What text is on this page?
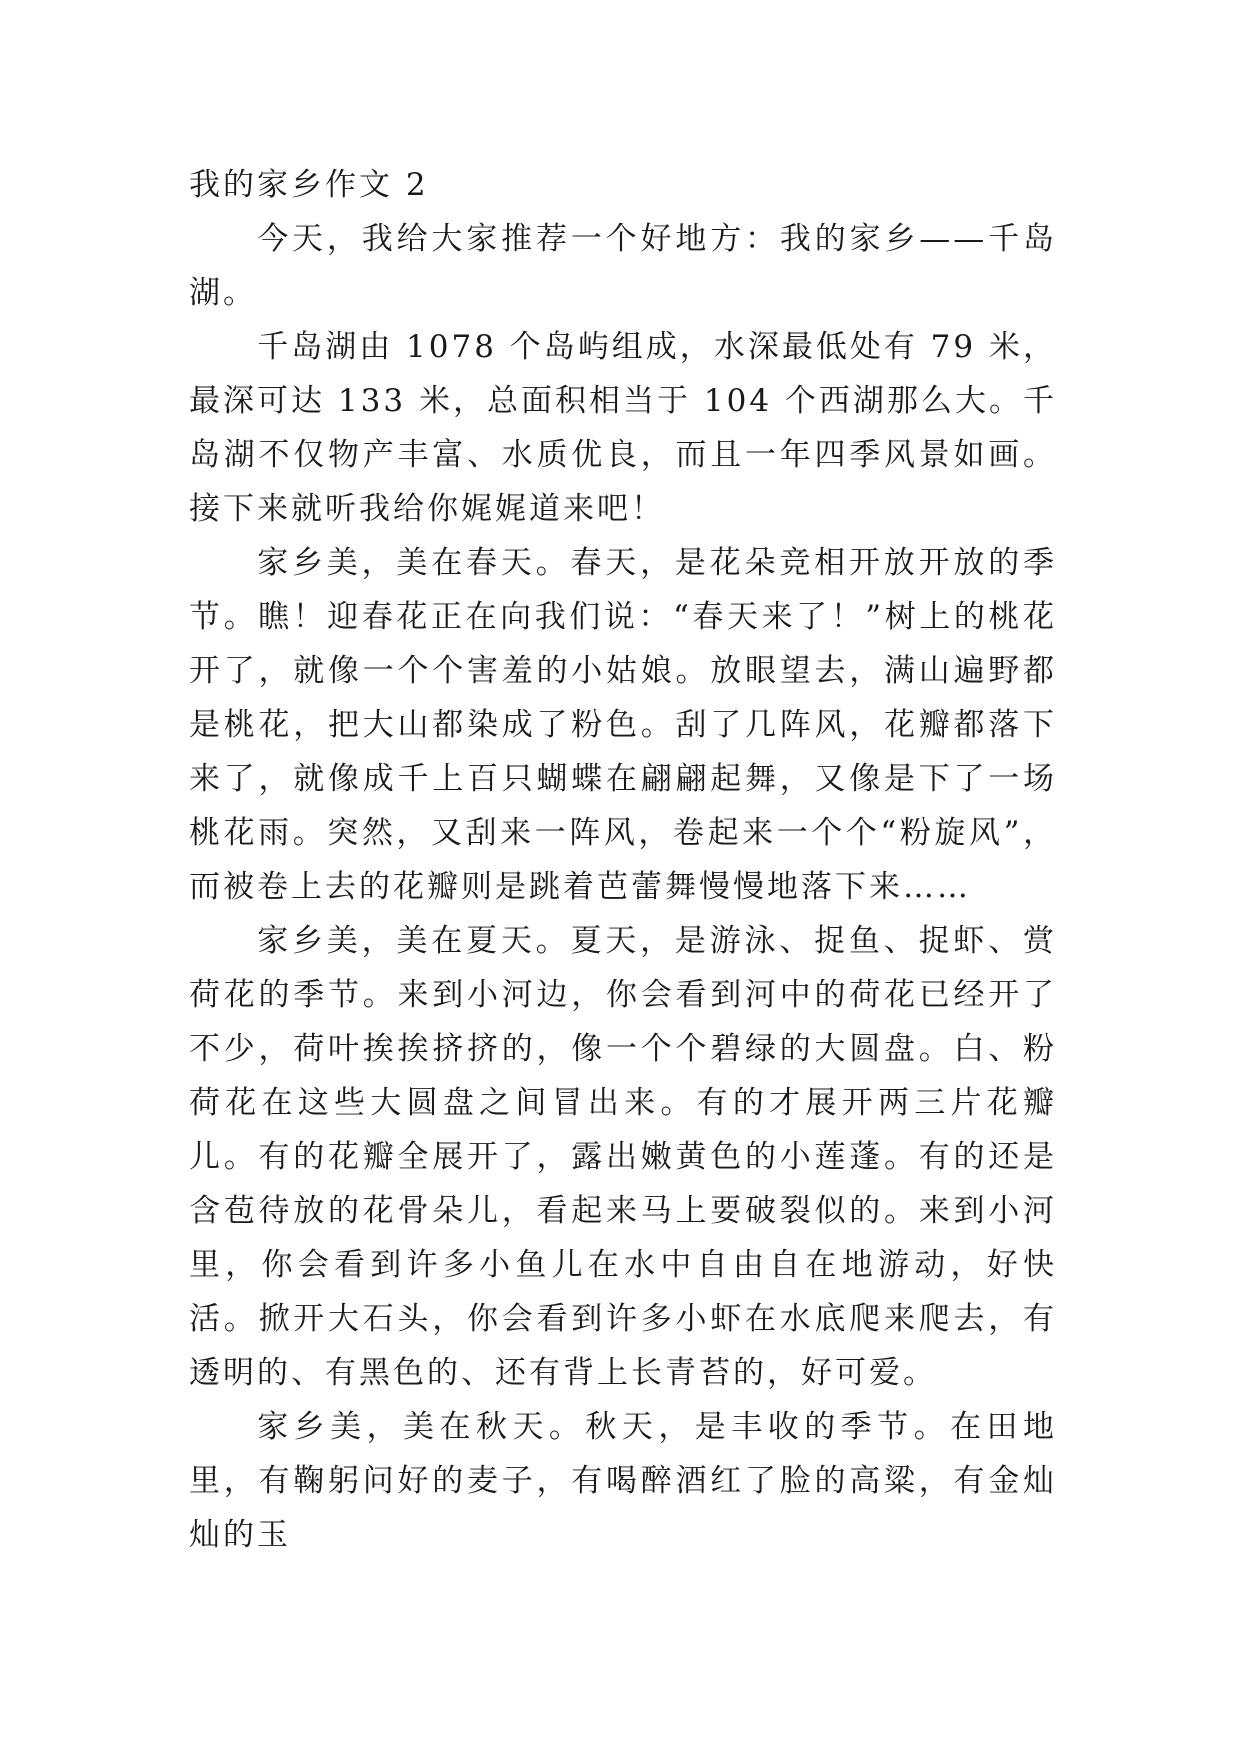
我的家乡作文 2

今天，我给大家推荐一个好地方：我的家乡——千岛湖。

千岛湖由 1078 个岛屿组成，水深最低处有 79 米，最深可达 133 米，总面积相当于 104 个西湖那么大。千岛湖不仅物产丰富、水质优良，而且一年四季风景如画。接下来就听我给你娓娓道来吧！

家乡美，美在春天。春天，是花朵竞相开放开放的季节。瞧！迎春花正在向我们说：“春天来了！”树上的桃花开了，就像一个个害羞的小姑娘。放眼望去，满山遍野都是桃花，把大山都染成了粉色。刮了几阵风，花瓣都落下来了，就像成千上百只蝴蝶在翩翩起舞，又像是下了一场桃花雨。突然，又刮来一阵风，卷起来一个个“粉旋风”，而被卷上去的花瓣则是跳着芭蕾舞慢慢地落下来……

家乡美，美在夏天。夏天，是游泳、捉鱼、捉虾、赏荷花的季节。来到小河边，你会看到河中的荷花已经开了不少，荷叶挨挨挤挤的，像一个个碧绿的大圆盘。白、粉荷花在这些大圆盘之间冒出来。有的才展开两三片花瓣儿。有的花瓣全展开了，露出嫩黄色的小莲蓬。有的还是含苞待放的花骨朵儿，看起来马上要破裂似的。来到小河里，你会看到许多小鱼儿在水中自由自在地游动，好快活。掀开大石头，你会看到许多小虾在水底爬来爬去，有透明的、有黑色的、还有背上长青苔的，好可爱。

家乡美，美在秋天。秋天，是丰收的季节。在田地里，有鞠躬问好的麦子，有喝醉酒红了脸的高粱，有金灿灿的玉
